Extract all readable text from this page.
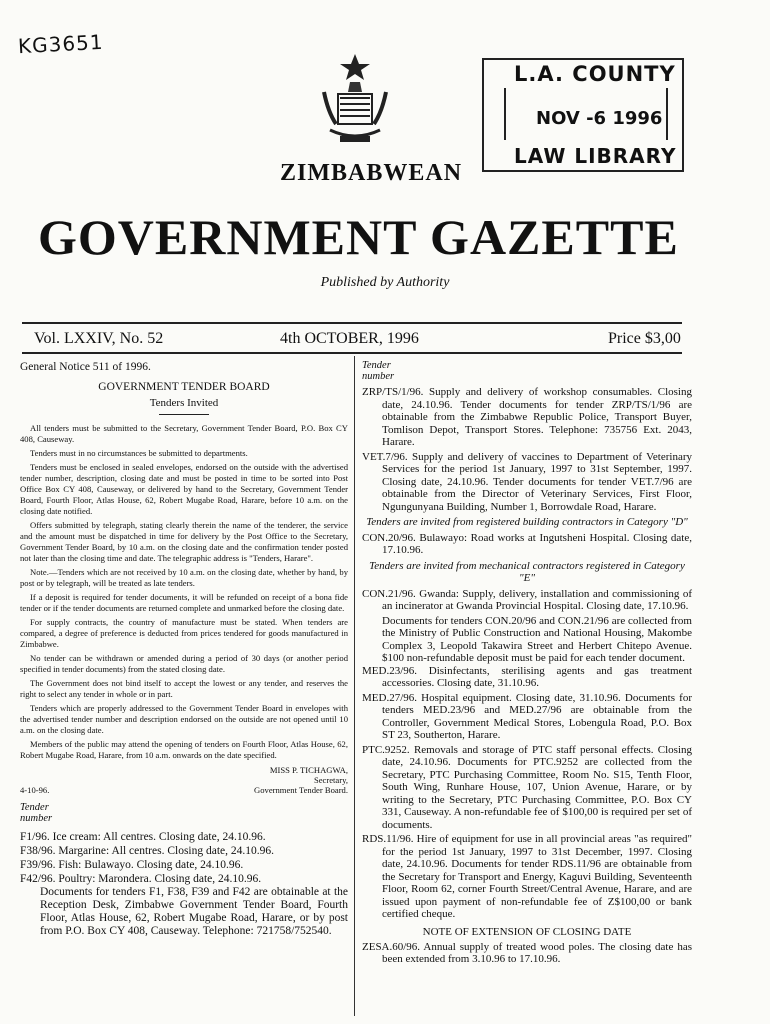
KG3651
L.A. COUNTY
NOV -6 1996
LAW LIBRARY
ZIMBABWEAN
GOVERNMENT GAZETTE
Published by Authority
Vol. LXXIV, No. 52	4th OCTOBER, 1996	Price $3,00

General Notice 511 of 1996.

GOVERNMENT TENDER BOARD

Tenders Invited

All tenders must be submitted to the Secretary, Government Tender Board, P.O. Box CY 408, Causeway.

Tenders must in no circumstances be submitted to departments.

Tenders must be enclosed in sealed envelopes, endorsed on the outside with the advertised tender number, description, closing date and must be posted in time to be sorted into Post Office Box CY 408, Causeway, or delivered by hand to the Secretary, Government Tender Board, Fourth Floor, Atlas House, 62, Robert Mugabe Road, Harare, before 10 a.m. on the closing date notified.

Offers submitted by telegraph, stating clearly therein the name of the tenderer, the service and the amount must be dispatched in time for delivery by the Post Office to the Secretary, Government Tender Board, by 10 a.m. on the closing date and the confirmation tender posted not later than the closing time and date. The telegraphic address is "Tenders, Harare".

Note.—Tenders which are not received by 10 a.m. on the closing date, whether by hand, by post or by telegraph, will be treated as late tenders.

If a deposit is required for tender documents, it will be refunded on receipt of a bona fide tender or if the tender documents are returned complete and unmarked before the closing date.

For supply contracts, the country of manufacture must be stated. When tenders are compared, a degree of preference is deducted from prices tendered for goods manufactured in Zimbabwe.

No tender can be withdrawn or amended during a period of 30 days (or another period specified in tender documents) from the stated closing date.

The Government does not bind itself to accept the lowest or any tender, and reserves the right to select any tender in whole or in part.

Tenders which are properly addressed to the Government Tender Board in envelopes with the advertised tender number and description endorsed on the outside are not opened until 10 a.m. on the closing date.

Members of the public may attend the opening of tenders on Fourth Floor, Atlas House, 62, Robert Mugabe Road, Harare, from 10 a.m. onwards on the date specified.

MISS P. TICHAGWA,
Secretary,
Government Tender Board.

4-10-96.

Tender number

F1/96. Ice cream: All centres. Closing date, 24.10.96.

F38/96. Margarine: All centres. Closing date, 24.10.96.

F39/96. Fish: Bulawayo. Closing date, 24.10.96.

F42/96. Poultry: Marondera. Closing date, 24.10.96.

Documents for tenders F1, F38, F39 and F42 are obtainable at the Reception Desk, Zimbabwe Government Tender Board, Fourth Floor, Atlas House, 62, Robert Mugabe Road, Harare, or by post from P.O. Box CY 408, Causeway. Telephone: 721758/752540.

Tender number

ZRP/TS/1/96. Supply and delivery of workshop consumables. Closing date, 24.10.96. Tender documents for tender ZRP/TS/1/96 are obtainable from the Zimbabwe Republic Police, Transport Buyer, Tomlison Depot, Transport Stores. Telephone: 735756 Ext. 2043, Harare.

VET.7/96. Supply and delivery of vaccines to Department of Veterinary Services for the period 1st January, 1997 to 31st September, 1997. Closing date, 24.10.96. Tender documents for tender VET.7/96 are obtainable from the Director of Veterinary Services, First Floor, Ngungunyana Building, Number 1, Borrowdale Road, Harare.

Tenders are invited from registered building contractors in Category "D"

CON.20/96. Bulawayo: Road works at Ingutsheni Hospital. Closing date, 17.10.96.

Tenders are invited from mechanical contractors registered in Category "E"

CON.21/96. Gwanda: Supply, delivery, installation and commissioning of an incinerator at Gwanda Provincial Hospital. Closing date, 17.10.96.

Documents for tenders CON.20/96 and CON.21/96 are collected from the Ministry of Public Construction and National Housing, Makombe Complex 3, Leopold Takawira Street and Herbert Chitepo Avenue. $100 non-refundable deposit must be paid for each tender document.

MED.23/96. Disinfectants, sterilising agents and gas treatment accessories. Closing date, 31.10.96.

MED.27/96. Hospital equipment. Closing date, 31.10.96. Documents for tenders MED.23/96 and MED.27/96 are obtainable from the Controller, Government Medical Stores, Lobengula Road, P.O. Box ST 23, Southerton, Harare.

PTC.9252. Removals and storage of PTC staff personal effects. Closing date, 24.10.96. Documents for PTC.9252 are collected from the Secretary, PTC Purchasing Committee, Room No. S15, Tenth Floor, South Wing, Runhare House, 107, Union Avenue, Harare, or by writing to the Secretary, PTC Purchasing Committee, P.O. Box CY 331, Causeway. A non-refundable fee of $100,00 is required per set of documents.

RDS.11/96. Hire of equipment for use in all provincial areas "as required" for the period 1st January, 1997 to 31st December, 1997. Closing date, 24.10.96. Documents for tender RDS.11/96 are obtainable from the Secretary for Transport and Energy, Kaguvi Building, Seventeenth Floor, Room 62, corner Fourth Street/Central Avenue, Harare, and are issued upon payment of non-refundable fee of Z$100,00 or bank certified cheque.

NOTE OF EXTENSION OF CLOSING DATE

ZESA.60/96. Annual supply of treated wood poles. The closing date has been extended from 3.10.96 to 17.10.96.
